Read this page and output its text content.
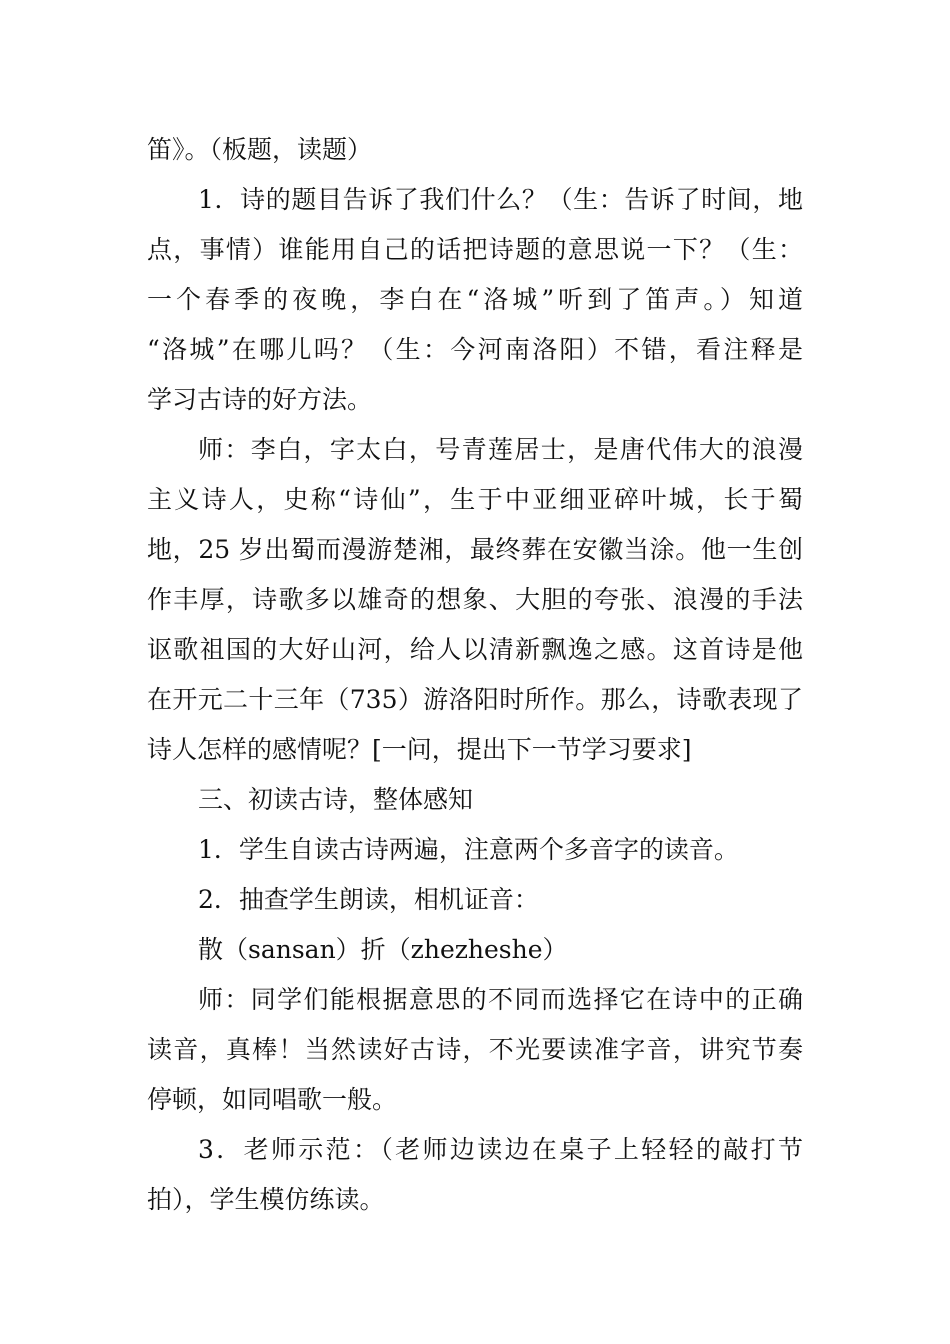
笛》。（板题，读题）
1．诗的题目告诉了我们什么？（生：告诉了时间，地
点，事情）谁能用自己的话把诗题的意思说一下？（生：
一个春季的夜晚，李白在“洛城”听到了笛声。）知道
“洛城”在哪儿吗？（生：今河南洛阳）不错，看注释是
学习古诗的好方法。
师：李白，字太白，号青莲居士，是唐代伟大的浪漫
主义诗人，史称“诗仙”，生于中亚细亚碎叶城，长于蜀
地，25 岁出蜀而漫游楚湘，最终葬在安徽当涂。他一生创
作丰厚，诗歌多以雄奇的想象、大胆的夸张、浪漫的手法
讴歌祖国的大好山河，给人以清新飘逸之感。这首诗是他
在开元二十三年（735）游洛阳时所作。那么，诗歌表现了
诗人怎样的感情呢？[一问，提出下一节学习要求]
三、初读古诗，整体感知
1．学生自读古诗两遍，注意两个多音字的读音。
2．抽查学生朗读，相机证音：
散（sansan）折（zhezheshe）
师：同学们能根据意思的不同而选择它在诗中的正确
读音，真棒！当然读好古诗，不光要读准字音，讲究节奏
停顿，如同唱歌一般。
3．老师示范：（老师边读边在桌子上轻轻的敲打节
拍），学生模仿练读。
